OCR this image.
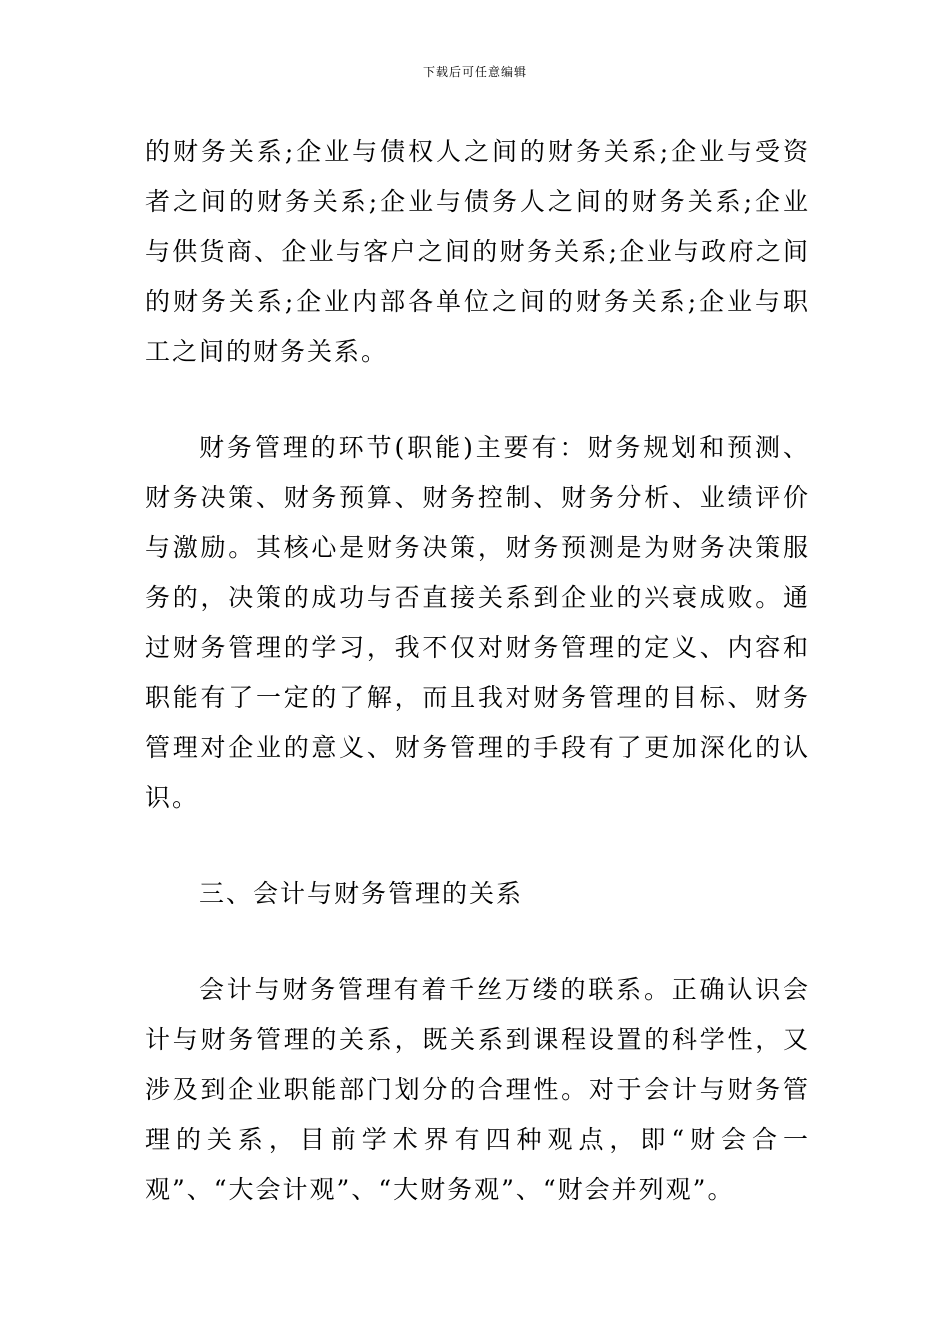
下载后可任意编辑

的财务关系;企业与债权人之间的财务关系;企业与受资者之间的财务关系;企业与债务人之间的财务关系;企业与供货商、企业与客户之间的财务关系;企业与政府之间的财务关系;企业内部各单位之间的财务关系;企业与职工之间的财务关系。

财务管理的环节(职能)主要有：财务规划和预测、财务决策、财务预算、财务控制、财务分析、业绩评价与激励。其核心是财务决策，财务预测是为财务决策服务的，决策的成功与否直接关系到企业的兴衰成败。通过财务管理的学习，我不仅对财务管理的定义、内容和职能有了一定的了解，而且我对财务管理的目标、财务管理对企业的意义、财务管理的手段有了更加深化的认识。

三、会计与财务管理的关系

会计与财务管理有着千丝万缕的联系。正确认识会计与财务管理的关系，既关系到课程设置的科学性，又涉及到企业职能部门划分的合理性。对于会计与财务管理的关系，目前学术界有四种观点，即“财会合一观”、“大会计观”、“大财务观”、“财会并列观”。
